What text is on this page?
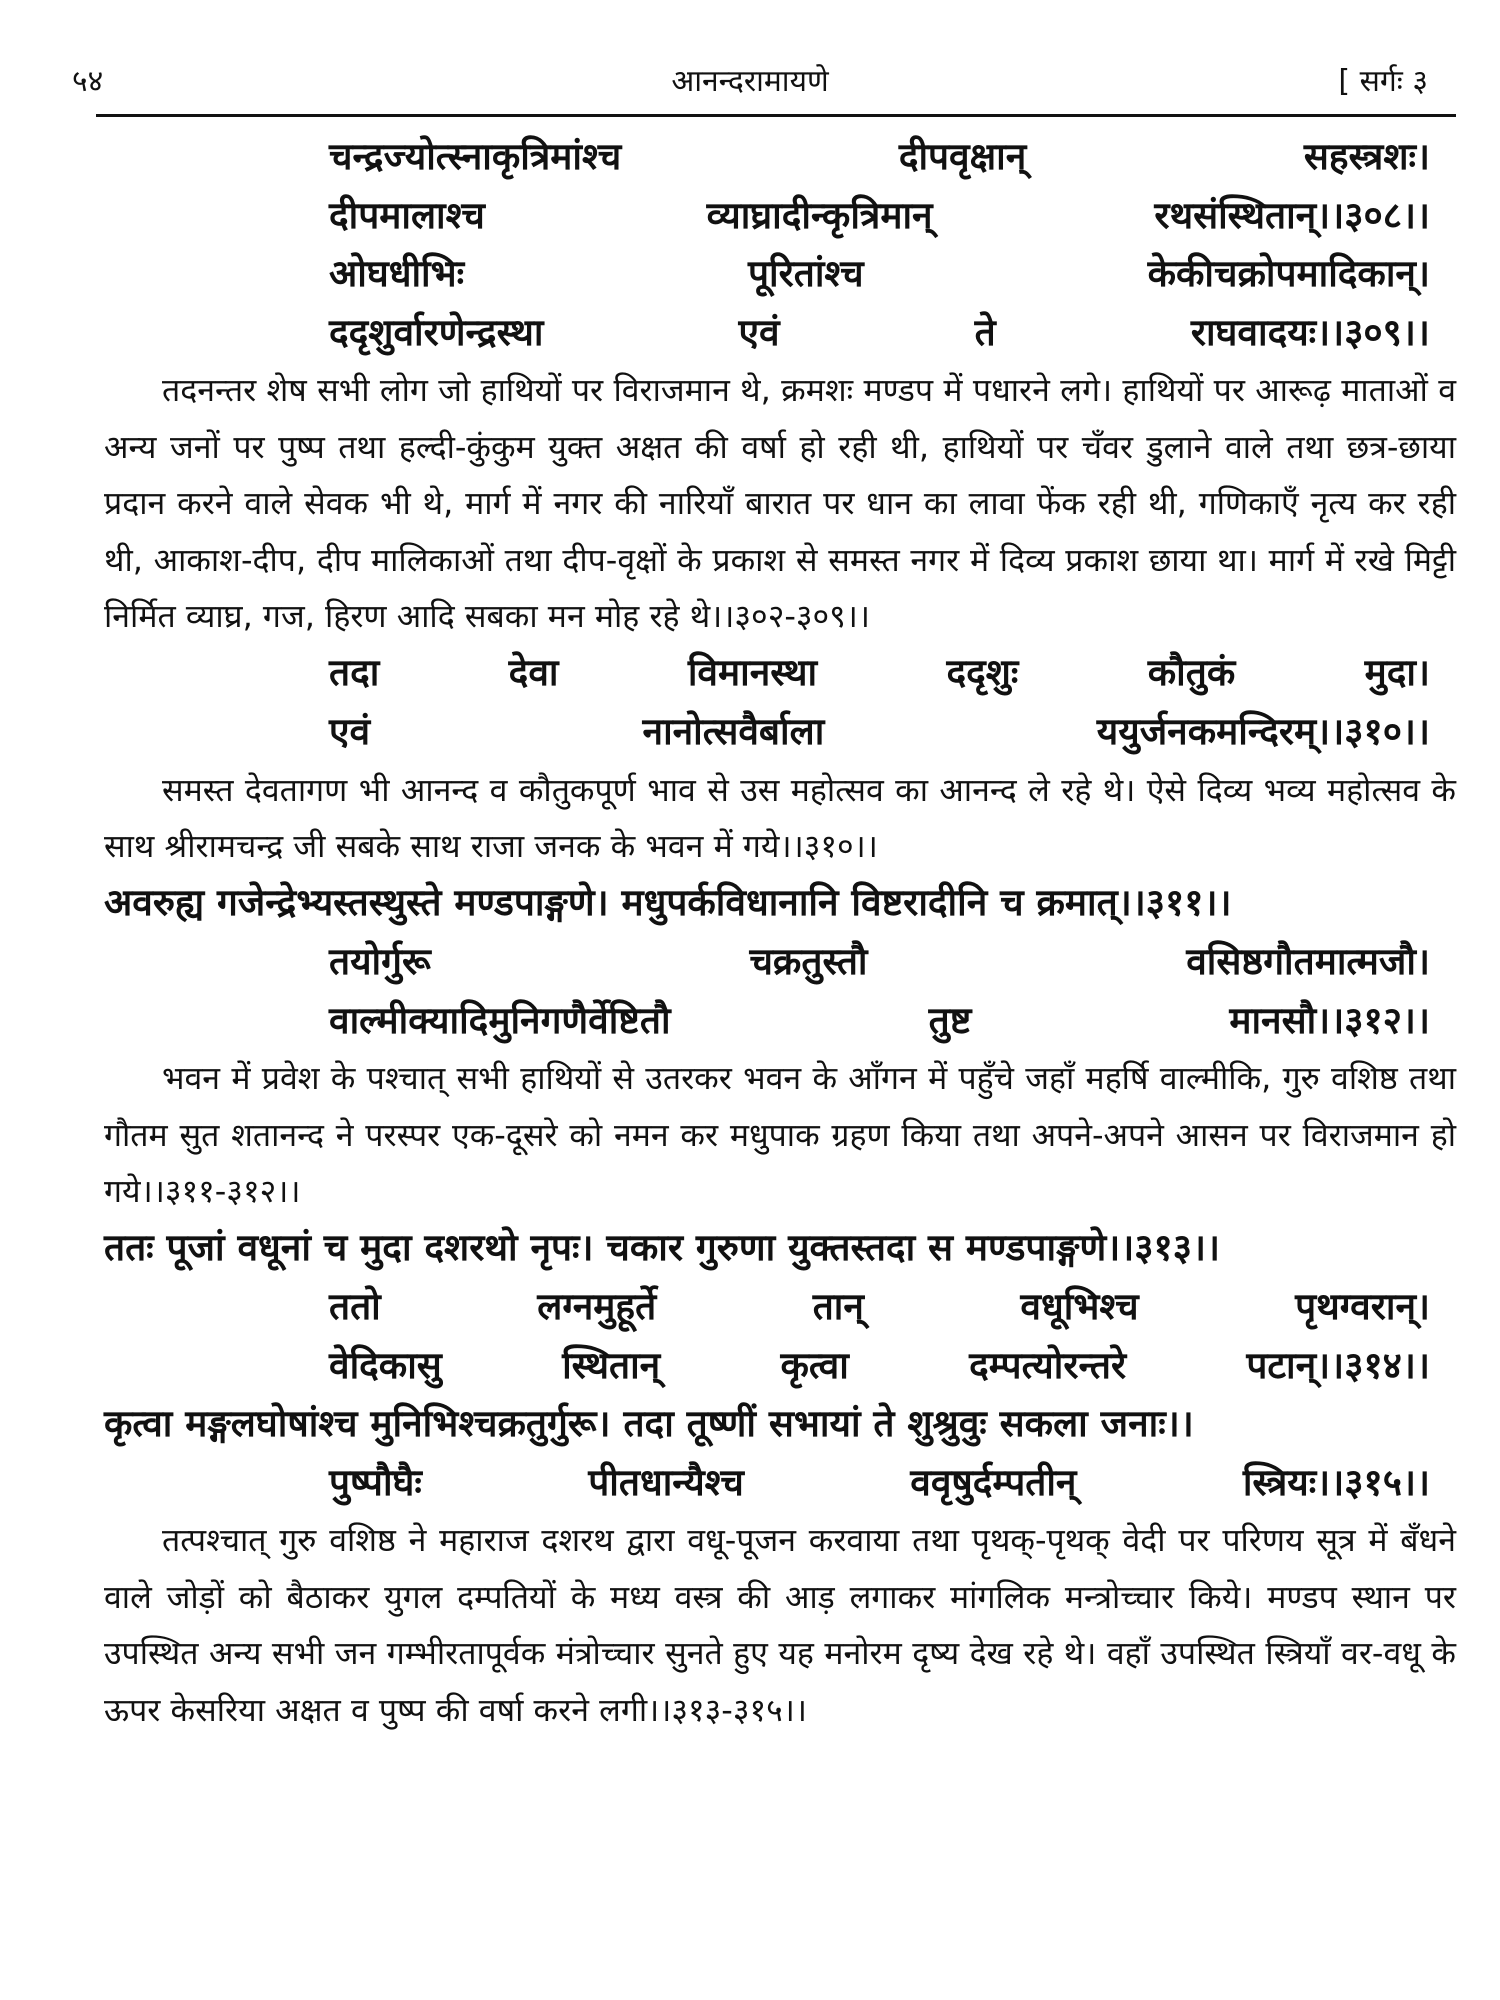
५४	आनन्दरामायणे	[ सर्गः ३
चन्द्रज्योत्स्नाकृत्रिमांश्च	दीपवृक्षान्	सहस्त्रशः।
दीपमालाश्च	व्याघ्रादीन्कृत्रिमान्	रथसंस्थितान्।।३०८।।
ओघधीभिः	पूरितांश्च	केकीचक्रोपमादिकान्।
ददृशुर्वारणेन्द्रस्था	एवं	ते	राघवादयः।।३०९।।

तदनन्तर शेष सभी लोग जो हाथियों पर विराजमान थे, क्रमशः मण्डप में पधारने लगे। हाथियों पर आरूढ़ माताओं व अन्य जनों पर पुष्प तथा हल्दी-कुंकुम युक्त अक्षत की वर्षा हो रही थी, हाथियों पर चँवर डुलाने वाले तथा छत्र-छाया प्रदान करने वाले सेवक भी थे, मार्ग में नगर की नारियाँ बारात पर धान का लावा फेंक रही थी, गणिकाएँ नृत्य कर रही थी, आकाश-दीप, दीप मालिकाओं तथा दीप-वृक्षों के प्रकाश से समस्त नगर में दिव्य प्रकाश छाया था। मार्ग में रखे मिट्टी निर्मित व्याघ्र, गज, हिरण आदि सबका मन मोह रहे थे।।३०२-३०९।।

तदा	देवा	विमानस्था	ददृशुः	कौतुकं	मुदा।
एवं	नानोत्सवैर्बाला	ययुर्जनकमन्दिरम्।।३१०।।

समस्त देवतागण भी आनन्द व कौतुकपूर्ण भाव से उस महोत्सव का आनन्द ले रहे थे। ऐसे दिव्य भव्य महोत्सव के साथ श्रीरामचन्द्र जी सबके साथ राजा जनक के भवन में गये।।३१०।।

अवरुह्य गजेन्द्रेभ्यस्तस्थुस्ते मण्डपाङ्गणे। मधुपर्कविधानानि विष्टरादीनि च क्रमात्।।३११।।
तयोर्गुरू	चक्रतुस्तौ	वसिष्ठगौतमात्मजौ।
वाल्मीक्यादिमुनिगणैर्वेष्टितौ	तुष्ट	मानसौ।।३१२।।

भवन में प्रवेश के पश्चात् सभी हाथियों से उतरकर भवन के आँगन में पहुँचे जहाँ महर्षि वाल्मीकि, गुरु वशिष्ठ तथा गौतम सुत शतानन्द ने परस्पर एक-दूसरे को नमन कर मधुपाक ग्रहण किया तथा अपने-अपने आसन पर विराजमान हो गये।।३११-३१२।।

ततः पूजां वधूनां च मुदा दशरथो नृपः। चकार गुरुणा युक्तस्तदा स मण्डपाङ्गणे।।३१३।।
ततो	लग्नमुहूर्ते	तान्	वधूभिश्च	पृथग्वरान्।
वेदिकासु	स्थितान्	कृत्वा	दम्पत्योरन्तरे	पटान्।।३१४।।
कृत्वा मङ्गलघोषांश्च मुनिभिश्चक्रतुर्गुरू। तदा तूष्णीं सभायां ते शुश्रुवुः सकला जनाः।।
पुष्पौघैः	पीतधान्यैश्च	ववृषुर्दम्पतीन्	स्त्रियः।।३१५।।

तत्पश्चात् गुरु वशिष्ठ ने महाराज दशरथ द्वारा वधू-पूजन करवाया तथा पृथक्-पृथक् वेदी पर परिणय सूत्र में बँधने वाले जोड़ों को बैठाकर युगल दम्पतियों के मध्य वस्त्र की आड़ लगाकर मांगलिक मन्त्रोच्चार किये। मण्डप स्थान पर उपस्थित अन्य सभी जन गम्भीरतापूर्वक मंत्रोच्चार सुनते हुए यह मनोरम दृष्य देख रहे थे। वहाँ उपस्थित स्त्रियाँ वर-वधू के ऊपर केसरिया अक्षत व पुष्प की वर्षा करने लगी।।३१३-३१५।।
